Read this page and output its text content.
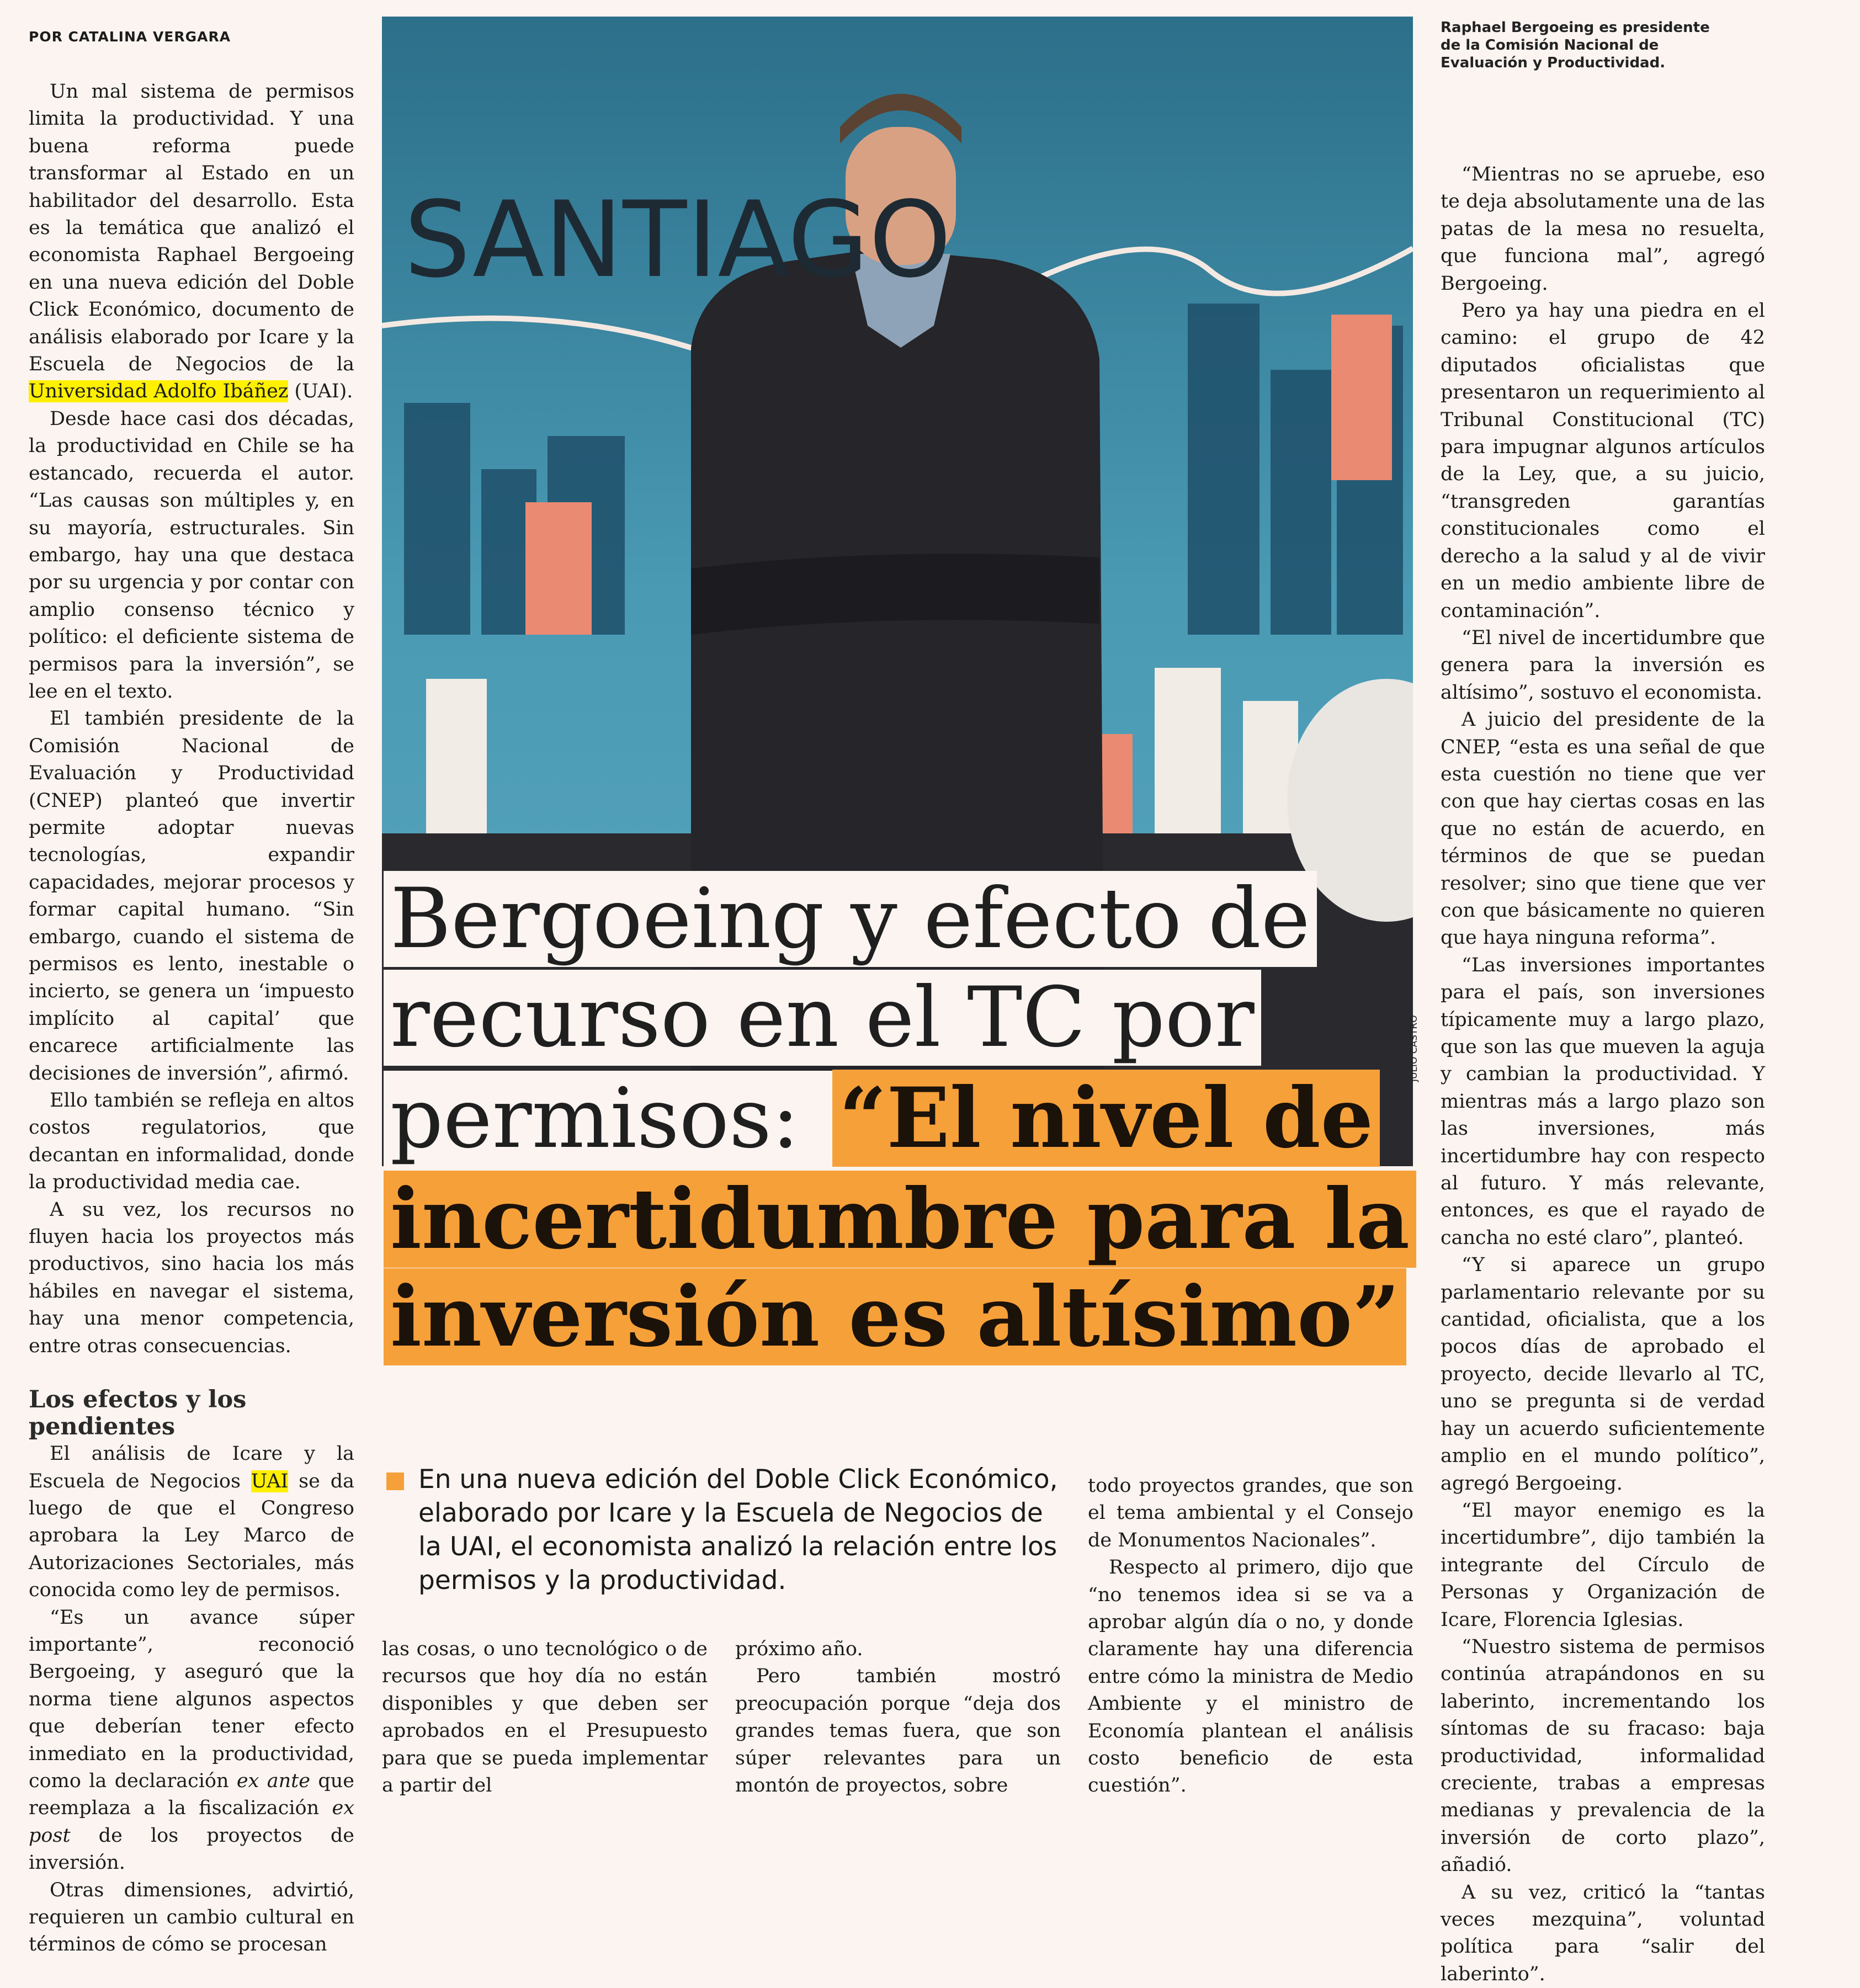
POR CATALINA VERGARA

Un mal sistema de permisos limita la productividad. Y una buena reforma puede transformar al Estado en un habilitador del desarrollo. Esta es la temática que analizó el economista Raphael Bergoeing en una nueva edición del Doble Click Económico, documento de análisis elaborado por Icare y la Escuela de Negocios de la Universidad Adolfo Ibáñez (UAI).

Desde hace casi dos décadas, la productividad en Chile se ha estancado, recuerda el autor. “Las causas son múltiples y, en su mayoría, estructurales. Sin embargo, hay una que destaca por su urgencia y por contar con amplio consenso técnico y político: el deficiente sistema de permisos para la inversión”, se lee en el texto.

El también presidente de la Comisión Nacional de Evaluación y Productividad (CNEP) planteó que invertir permite adoptar nuevas tecnologías, expandir capacidades, mejorar procesos y formar capital humano. “Sin embargo, cuando el sistema de permisos es lento, inestable o incierto, se genera un ‘impuesto implícito al capital’ que encarece artificialmente las decisiones de inversión”, afirmó.

Ello también se refleja en altos costos regulatorios, que decantan en informalidad, donde la productividad media cae.

A su vez, los recursos no fluyen hacia los proyectos más productivos, sino hacia los más hábiles en navegar el sistema, hay una menor competencia, entre otras consecuencias.

Los efectos y los pendientes

El análisis de Icare y la Escuela de Negocios UAI se da luego de que el Congreso aprobara la Ley Marco de Autorizaciones Sectoriales, más conocida como ley de permisos.

“Es un avance súper importante”, reconoció Bergoeing, y aseguró que la norma tiene algunos aspectos que deberían tener efecto inmediato en la productividad, como la declaración ex ante que reemplaza a la fiscalización ex post de los proyectos de inversión.

Otras dimensiones, advirtió, requieren un cambio cultural en términos de cómo se procesan

SANTIAGO
Raphael Bergoeing es presidente de la Comisión Nacional de Evaluación y Productividad.
JULIO CASTRO
Bergoeing y efecto de
recurso en el TC por
permisos: “El nivel de
incertidumbre para la
inversión es altísimo”
En una nueva edición del Doble Click Económico, elaborado por Icare y la Escuela de Negocios de la UAI, el economista analizó la relación entre los permisos y la productividad.

las cosas, o uno tecnológico o de recursos que hoy día no están disponibles y que deben ser aprobados en el Presupuesto para que se pueda implementar a partir del

próximo año.

Pero también mostró preocupación porque “deja dos grandes temas fuera, que son súper relevantes para un montón de proyectos, sobre

todo proyectos grandes, que son el tema ambiental y el Consejo de Monumentos Nacionales”.

Respecto al primero, dijo que “no tenemos idea si se va a aprobar algún día o no, y donde claramente hay una diferencia entre cómo la ministra de Medio Ambiente y el ministro de Economía plantean el análisis costo beneficio de esta cuestión”.

“Mientras no se apruebe, eso te deja absolutamente una de las patas de la mesa no resuelta, que funciona mal”, agregó Bergoeing.

Pero ya hay una piedra en el camino: el grupo de 42 diputados oficialistas que presentaron un requerimiento al Tribunal Constitucional (TC) para impugnar algunos artículos de la Ley, que, a su juicio, “transgreden garantías constitucionales como el derecho a la salud y al de vivir en un medio ambiente libre de contaminación”.

“El nivel de incertidumbre que genera para la inversión es altísimo”, sostuvo el economista.

A juicio del presidente de la CNEP, “esta es una señal de que esta cuestión no tiene que ver con que hay ciertas cosas en las que no están de acuerdo, en términos de que se puedan resolver; sino que tiene que ver con que básicamente no quieren que haya ninguna reforma”.

“Las inversiones importantes para el país, son inversiones típicamente muy a largo plazo, que son las que mueven la aguja y cambian la productividad. Y mientras más a largo plazo son las inversiones, más incertidumbre hay con respecto al futuro. Y más relevante, entonces, es que el rayado de cancha no esté claro”, planteó.

“Y si aparece un grupo parlamentario relevante por su cantidad, oficialista, que a los pocos días de aprobado el proyecto, decide llevarlo al TC, uno se pregunta si de verdad hay un acuerdo suficientemente amplio en el mundo político”, agregó Bergoeing.

“El mayor enemigo es la incertidumbre”, dijo también la integrante del Círculo de Personas y Organización de Icare, Florencia Iglesias.

“Nuestro sistema de permisos continúa atrapándonos en su laberinto, incrementando los síntomas de su fracaso: baja productividad, informalidad creciente, trabas a empresas medianas y prevalencia de la inversión de corto plazo”, añadió.

A su vez, criticó la “tantas veces mezquina”, voluntad política para “salir del laberinto”.
